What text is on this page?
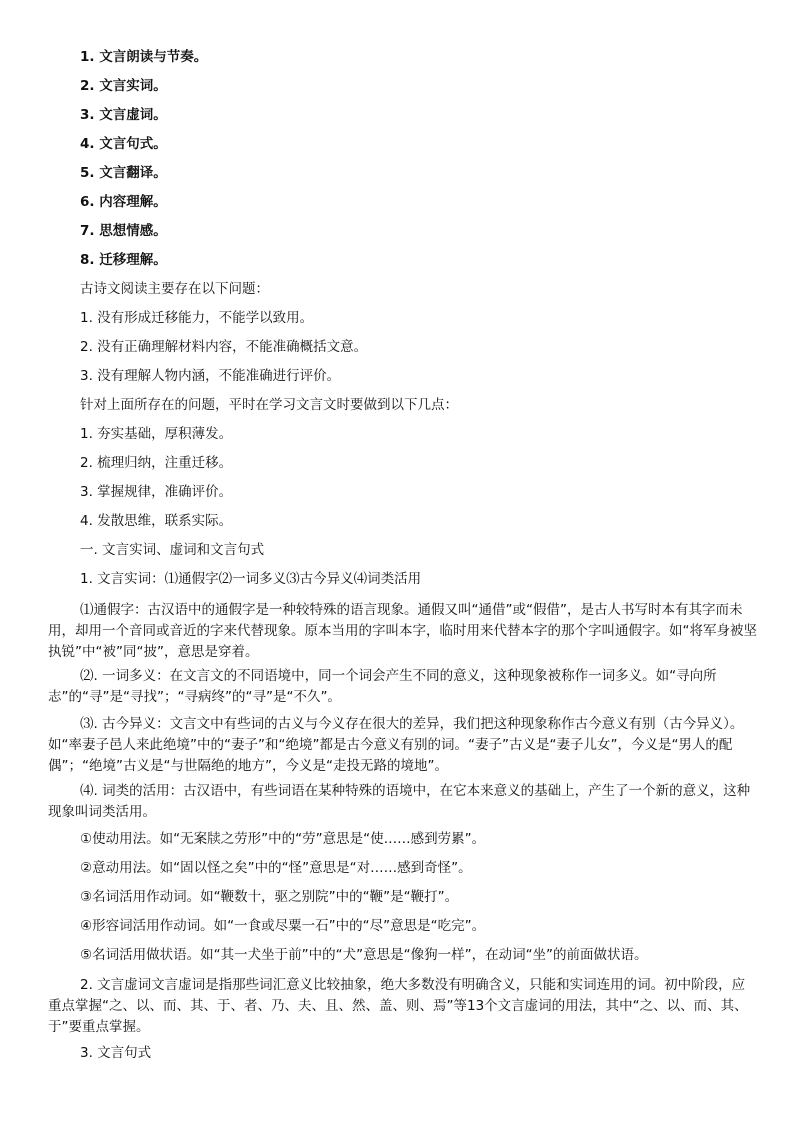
1. 文言朗读与节奏。

2. 文言实词。

3. 文言虚词。

4. 文言句式。

5. 文言翻译。

6. 内容理解。

7. 思想情感。

8. 迁移理解。

古诗文阅读主要存在以下问题：

1. 没有形成迁移能力，不能学以致用。

2. 没有正确理解材料内容，不能准确概括文意。

3. 没有理解人物内涵，不能准确进行评价。

针对上面所存在的问题，平时在学习文言文时要做到以下几点：

1. 夯实基础，厚积薄发。

2. 梳理归纳，注重迁移。

3. 掌握规律，准确评价。

4. 发散思维，联系实际。

一. 文言实词、虚词和文言句式

1. 文言实词：⑴通假字⑵一词多义⑶古今异义⑷词类活用

⑴通假字：古汉语中的通假字是一种较特殊的语言现象。通假又叫“通借”或“假借”，是古人书写时本有其字而未用，却用一个音同或音近的字来代替现象。原本当用的字叫本字，临时用来代替本字的那个字叫通假字。如“将军身被坚执锐”中“被”同“披”，意思是穿着。

⑵. 一词多义：在文言文的不同语境中，同一个词会产生不同的意义，这种现象被称作一词多义。如“寻向所志”的“寻”是“寻找”；“寻病终”的“寻”是“不久”。

⑶. 古今异义：文言文中有些词的古义与今义存在很大的差异，我们把这种现象称作古今意义有别（古今异义）。如“率妻子邑人来此绝境”中的“妻子”和“绝境”都是古今意义有别的词。“妻子”古义是“妻子儿女”，今义是“男人的配偶”；“绝境”古义是“与世隔绝的地方”，今义是“走投无路的境地”。

⑷. 词类的活用：古汉语中，有些词语在某种特殊的语境中，在它本来意义的基础上，产生了一个新的意义，这种现象叫词类活用。

①使动用法。如“无案牍之劳形”中的“劳”意思是“使……感到劳累”。

②意动用法。如“固以怪之矣”中的“怪”意思是“对……感到奇怪”。

③名词活用作动词。如“鞭数十，驱之别院”中的“鞭”是“鞭打”。

④形容词活用作动词。如“一食或尽粟一石”中的“尽”意思是“吃完”。

⑤名词活用做状语。如“其一犬坐于前”中的“犬”意思是“像狗一样”，在动词“坐”的前面做状语。

2. 文言虚词文言虚词是指那些词汇意义比较抽象，绝大多数没有明确含义，只能和实词连用的词。初中阶段，应重点掌握“之、以、而、其、于、者、乃、夫、且、然、盖、则、焉”等13个文言虚词的用法，其中“之、以、而、其、于”要重点掌握。

3. 文言句式
